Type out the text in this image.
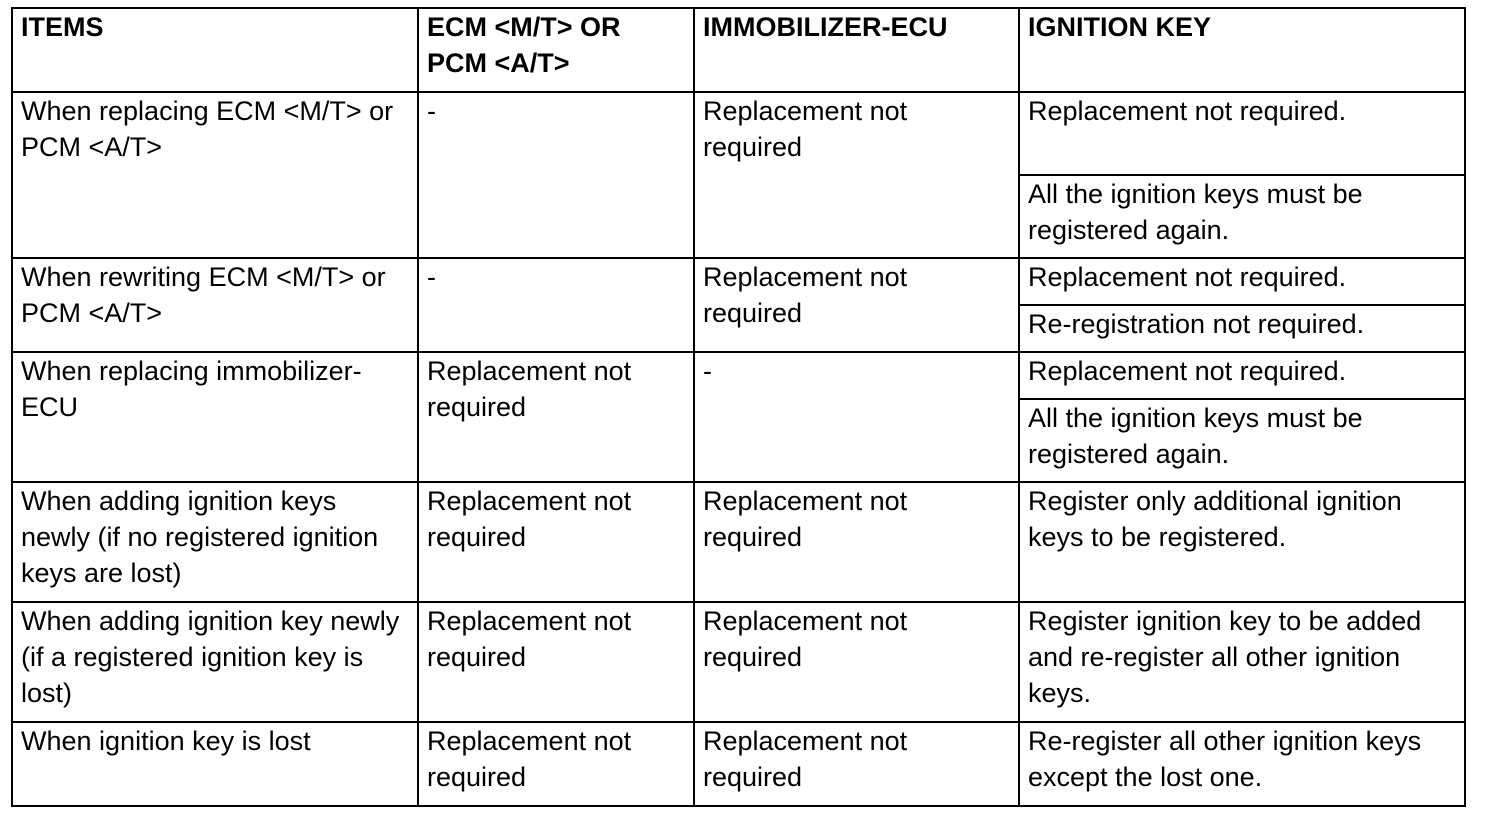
ITEMS	ECM <M/T> OR PCM <A/T>	IMMOBILIZER-ECU	IGNITION KEY
When replacing ECM <M/T> or PCM <A/T>	-	Replacement not required	Replacement not required.
			All the ignition keys must be registered again.
When rewriting ECM <M/T> or PCM <A/T>	-	Replacement not required	Replacement not required.
			Re-registration not required.
When replacing immobilizer-ECU	Replacement not required	-	Replacement not required.
			All the ignition keys must be registered again.
When adding ignition keys newly (if no registered ignition keys are lost)	Replacement not required	Replacement not required	Register only additional ignition keys to be registered.
When adding ignition key newly (if a registered ignition key is lost)	Replacement not required	Replacement not required	Register ignition key to be added and re-register all other ignition keys.
When ignition key is lost	Replacement not required	Replacement not required	Re-register all other ignition keys except the lost one.
